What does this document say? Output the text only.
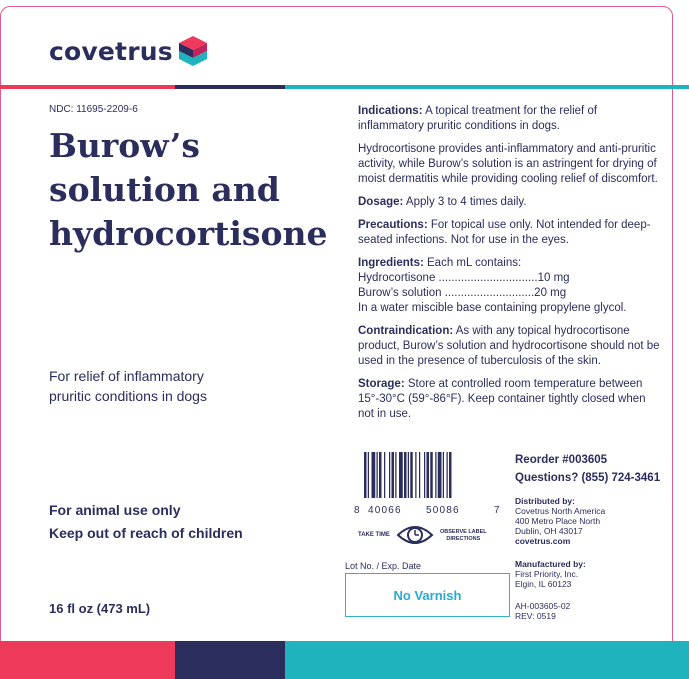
covetrus
NDC: 11695-2209-6
Burow’s
solution and
hydrocortisone
For relief of inflammatory
pruritic conditions in dogs
For animal use only
Keep out of reach of children
16 fl oz (473 mL)

Indications: A topical treatment for the relief of inflammatory pruritic conditions in dogs.

Hydrocortisone provides anti-inflammatory and anti-pruritic activity, while Burow’s solution is an astringent for drying of moist dermatitis while providing cooling relief of discomfort.

Dosage: Apply 3 to 4 times daily.

Precautions: For topical use only. Not intended for deep-seated infections. Not for use in the eyes.

Ingredients: Each mL contains:
Hydrocortisone ...............................10 mg
Burow’s solution ............................20 mg
In a water miscible base containing propylene glycol.

Contraindication: As with any topical hydrocortisone product, Burow’s solution and hydrocortisone should not be used in the presence of tuberculosis of the skin.

Storage: Store at controlled room temperature between 15°-30°C (59°-86°F). Keep container tightly closed when not in use.

8 40066 50086	7
TAKE TIME	OBSERVE LABEL
DIRECTIONS
Lot No. / Exp. Date
No Varnish
Reorder #003605
Questions? (855) 724-3461
Distributed by:
Covetrus North America
400 Metro Place North
Dublin, OH 43017
covetrus.com
Manufactured by:
First Priority, Inc.
Elgin, IL 60123
AH-003605-02
REV: 0519
